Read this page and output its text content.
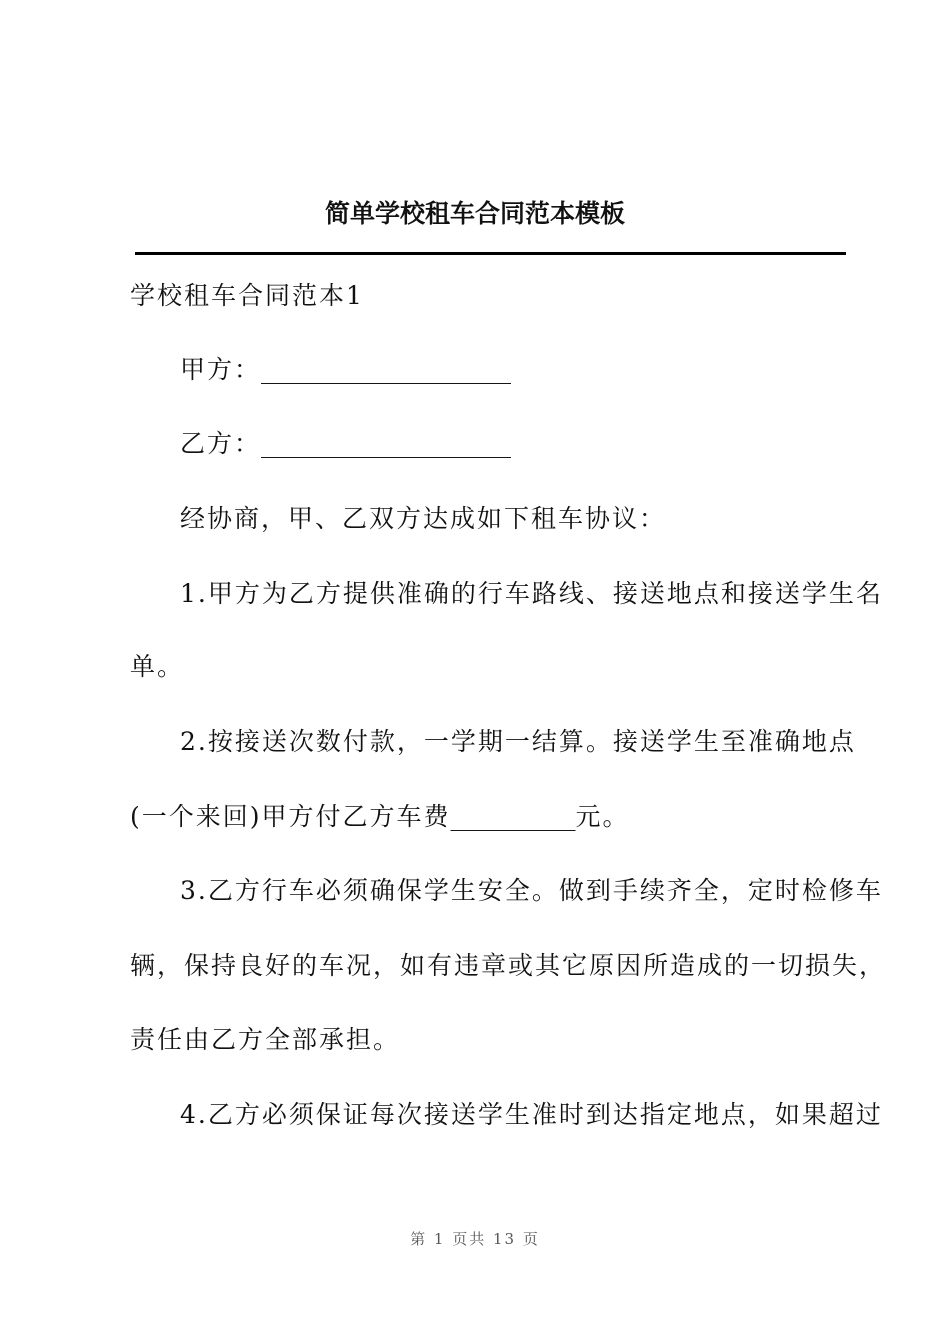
简单学校租车合同范本模板
学校租车合同范本1
甲方：____________________
乙方：____________________
经协商，甲、乙双方达成如下租车协议：
1.甲方为乙方提供准确的行车路线、接送地点和接送学生名
单。
2.按接送次数付款，一学期一结算。接送学生至准确地点
(一个来回)甲方付乙方车费__________元。
3.乙方行车必须确保学生安全。做到手续齐全，定时检修车
辆，保持良好的车况，如有违章或其它原因所造成的一切损失，
责任由乙方全部承担。
4.乙方必须保证每次接送学生准时到达指定地点，如果超过
第 1 页共 13 页
